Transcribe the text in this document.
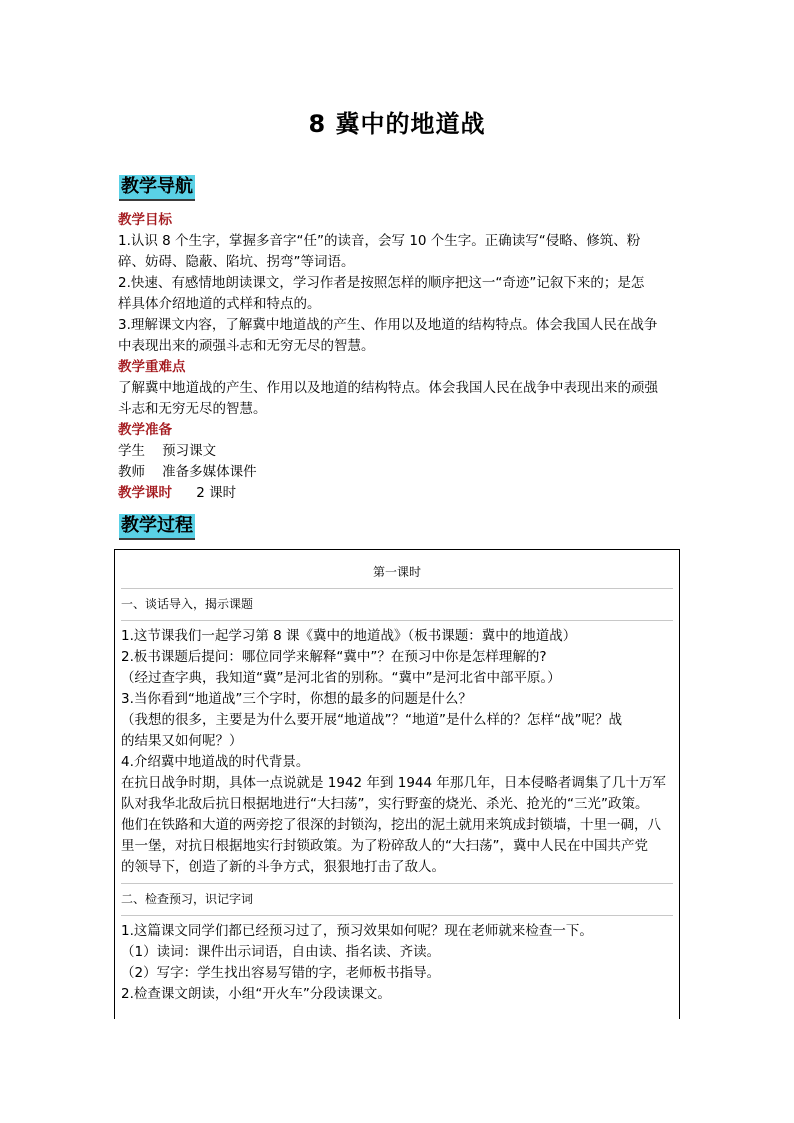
8 冀中的地道战
教学导航
教学目标

1.认识 8 个生字，掌握多音字“任”的读音，会写 10 个生字。正确读写“侵略、修筑、粉

碎、妨碍、隐蔽、陷坑、拐弯”等词语。

2.快速、有感情地朗读课文，学习作者是按照怎样的顺序把这一“奇迹”记叙下来的；是怎

样具体介绍地道的式样和特点的。

3.理解课文内容，了解冀中地道战的产生、作用以及地道的结构特点。体会我国人民在战争

中表现出来的顽强斗志和无穷无尽的智慧。

教学重难点

了解冀中地道战的产生、作用以及地道的结构特点。体会我国人民在战争中表现出来的顽强

斗志和无穷无尽的智慧。

教学准备

学生    预习课文

教师    准备多媒体课件

教学课时 2 课时
教学过程
第一课时
一、谈话导入，揭示课题

1.这节课我们一起学习第 8 课《冀中的地道战》（板书课题：冀中的地道战）

2.板书课题后提问：哪位同学来解释“冀中”？在预习中你是怎样理解的?

（经过查字典，我知道“冀”是河北省的别称。“冀中”是河北省中部平原。）

3.当你看到“地道战”三个字时，你想的最多的问题是什么？

（我想的很多，主要是为什么要开展“地道战”？“地道”是什么样的？怎样“战”呢？战

的结果又如何呢？）

4.介绍冀中地道战的时代背景。

在抗日战争时期，具体一点说就是 1942 年到 1944 年那几年，日本侵略者调集了几十万军

队对我华北敌后抗日根据地进行“大扫荡”，实行野蛮的烧光、杀光、抢光的“三光”政策。

他们在铁路和大道的两旁挖了很深的封锁沟，挖出的泥土就用来筑成封锁墙，十里一碉，八

里一堡，对抗日根据地实行封锁政策。为了粉碎敌人的“大扫荡”，冀中人民在中国共产党

的领导下，创造了新的斗争方式，狠狠地打击了敌人。

二、检查预习，识记字词

1.这篇课文同学们都已经预习过了，预习效果如何呢？现在老师就来检查一下。

（1）读词：课件出示词语，自由读、指名读、齐读。

（2）写字：学生找出容易写错的字，老师板书指导。

2.检查课文朗读，小组“开火车”分段读课文。
